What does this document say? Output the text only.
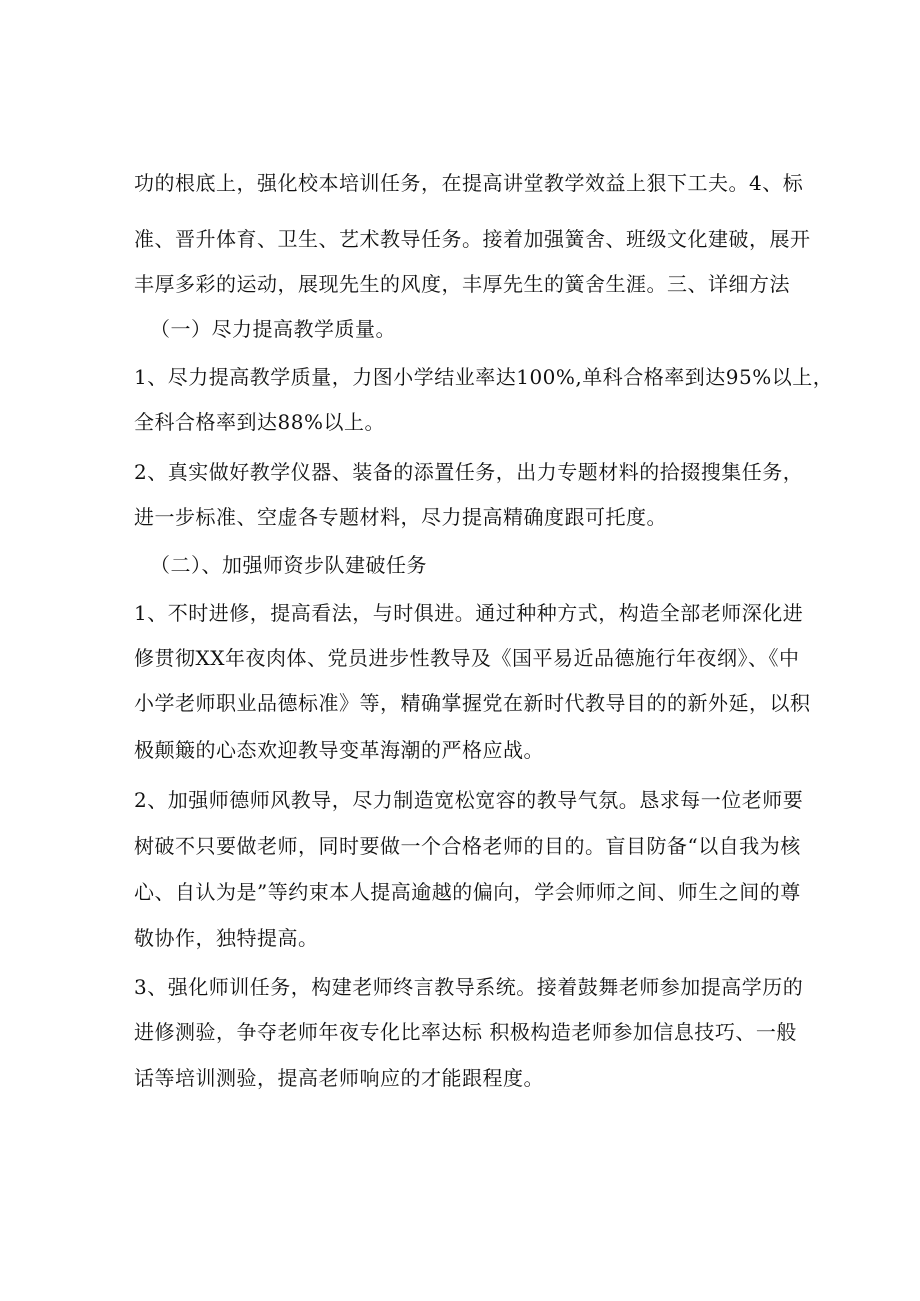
功的根底上，强化校本培训任务，在提高讲堂教学效益上狠下工夫。4、标

准、晋升体育、卫生、艺术教导任务。接着加强簧舍、班级文化建破，展开

丰厚多彩的运动，展现先生的风度，丰厚先生的簧舍生涯。三、详细方法

（一）尽力提高教学质量。

1、尽力提高教学质量，力图小学结业率达100%,单科合格率到达95%以上，

全科合格率到达88%以上。

2、真实做好教学仪器、装备的添置任务，出力专题材料的拾掇搜集任务，

进一步标准、空虚各专题材料，尽力提高精确度跟可托度。

（二）、加强师资步队建破任务

1、不时进修，提高看法，与时俱进。通过种种方式，构造全部老师深化进

修贯彻XX年夜肉体、党员进步性教导及《国平易近品德施行年夜纲》、《中

小学老师职业品德标准》等，精确掌握党在新时代教导目的的新外延，以积

极颠簸的心态欢迎教导变革海潮的严格应战。

2、加强师德师风教导，尽力制造宽松宽容的教导气氛。恳求每一位老师要

树破不只要做老师，同时要做一个合格老师的目的。盲目防备“以自我为核

心、自认为是”等约束本人提高逾越的偏向，学会师师之间、师生之间的尊

敬协作，独特提高。

3、强化师训任务，构建老师终言教导系统。接着鼓舞老师参加提高学历的

进修测验，争夺老师年夜专化比率达标 积极构造老师参加信息技巧、一般

话等培训测验，提高老师响应的才能跟程度。
